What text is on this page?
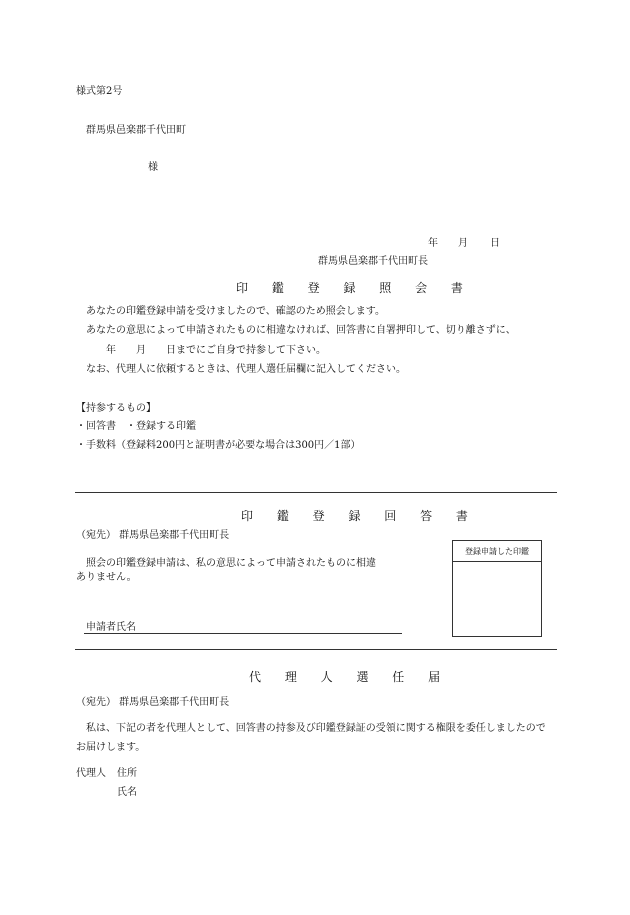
様式第2号
群馬県邑楽郡千代田町
様
年 月 日
群馬県邑楽郡千代田町長
印 鑑 登 録 照 会 書
あなたの印鑑登録申請を受けましたので、確認のため照会します。
あなたの意思によって申請されたものに相違なければ、回答書に自署押印して、切り離さずに、
年　　月　　日までにご自身で持参して下さい。
なお、代理人に依頼するときは、代理人選任届欄に記入してください。
【持参するもの】
・回答書　・登録する印鑑
・手数料（登録料200円と証明書が必要な場合は300円／1部）
印 鑑 登 録 回 答 書
（宛先） 群馬県邑楽郡千代田町長
照会の印鑑登録申請は、私の意思によって申請されたものに相違
ありません。
登録申請した印鑑
申請者氏名
代 理 人 選 任 届
（宛先） 群馬県邑楽郡千代田町長
私は、下記の者を代理人として、回答書の持参及び印鑑登録証の受領に関する権限を委任しましたので
お届けします。
代理人 住所
氏名
